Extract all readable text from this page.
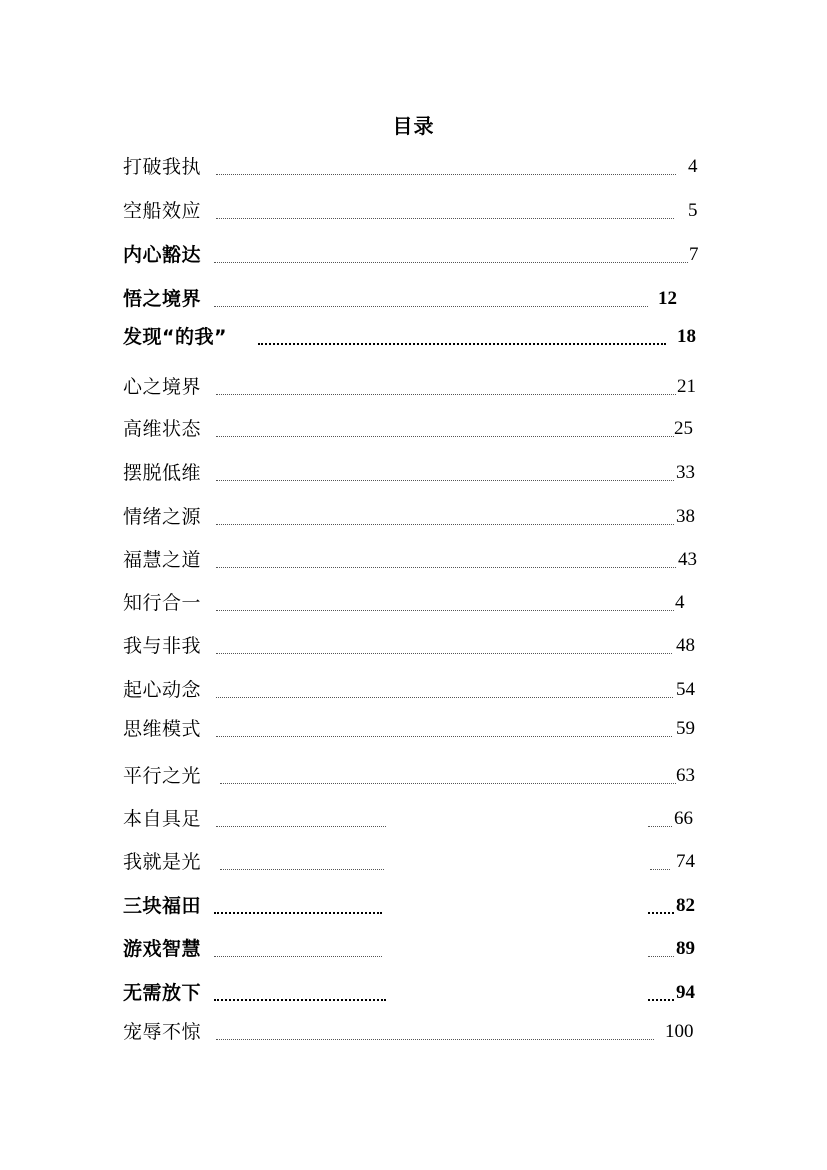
目录
打破我执	4
空船效应	5
内心豁达	7
悟之境界	12
发现“的我”	18
心之境界	21
高维状态	25
摆脱低维	33
情绪之源	38
福慧之道	43
知行合一	4
我与非我	48
起心动念	54
思维模式	59
平行之光	63
本自具足	66
我就是光	74
三块福田	82
游戏智慧	89
无需放下	94
宠辱不惊	100
